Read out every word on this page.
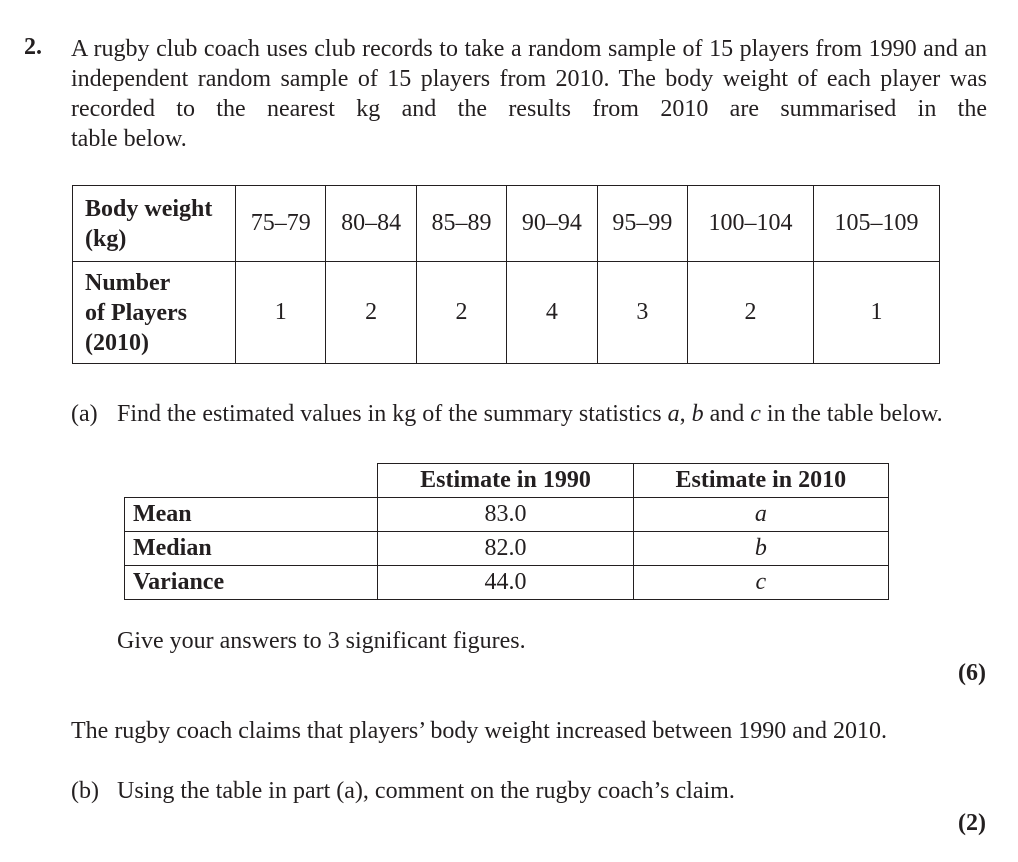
2. A rugby club coach uses club records to take a random sample of 15 players from 1990 and an independent random sample of 15 players from 2010. The body weight of each player was recorded to the nearest kg and the results from 2010 are summarised in the
table below.
Body weight
(kg)	75–79	80–84	85–89	90–94	95–99	100–104	105–109

Number
of Players
(2010)	1	2	2	4	3	2	1
(a) Find the estimated values in kg of the summary statistics a, b and c in the table below.
	Estimate in 1990	Estimate in 2010
Mean	83.0	a
Median	82.0	b
Variance	44.0	c
Give your answers to 3 significant figures.
(6)
The rugby coach claims that players’ body weight increased between 1990 and 2010.
(b) Using the table in part (a), comment on the rugby coach’s claim.
(2)
